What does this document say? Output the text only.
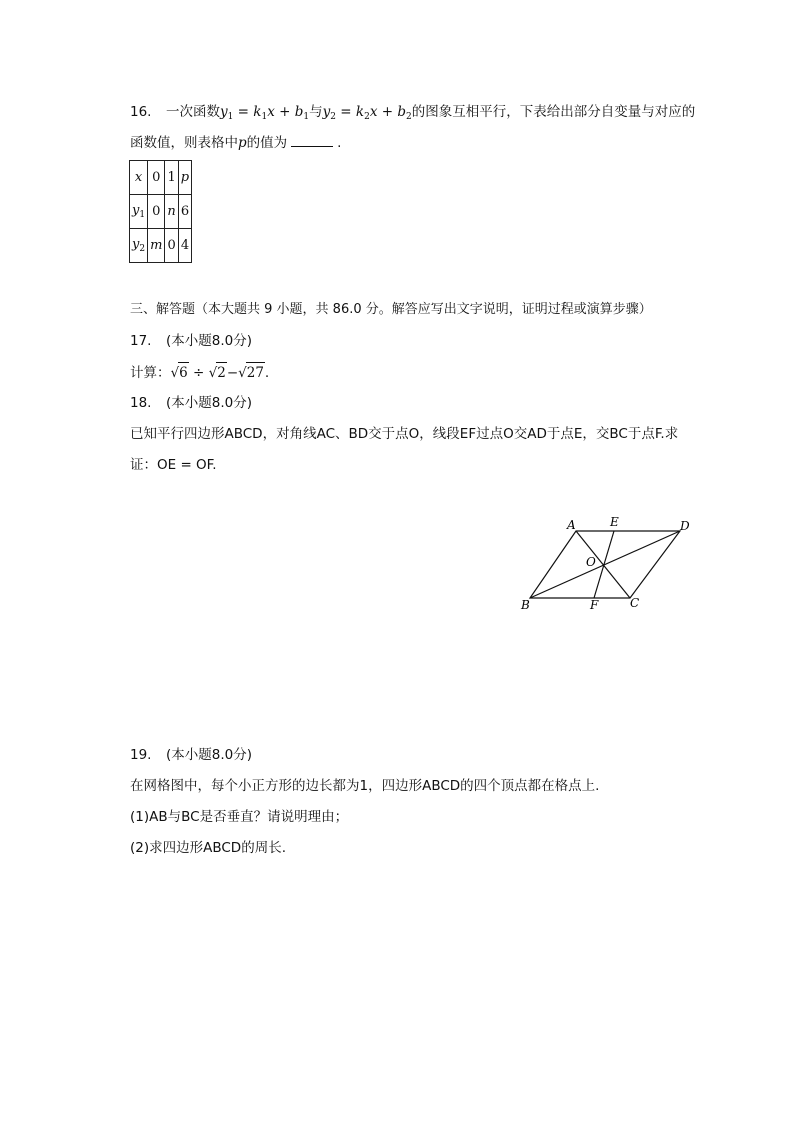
16. 一次函数$y_1 = k_1x + b_1$与$y_2 = k_2x + b_2$的图象互相平行，下表给出部分自变量与对应的
函数值，则表格中p的值为	.
x	0	1	p
$y_1$	0	n	6
$y_2$	m	0	4
三、解答题（本大题共 9 小题，共 86.0 分。解答应写出文字说明，证明过程或演算步骤）
17. (本小题8.0分)
计算：√6 ÷ √2−√27.
18. (本小题8.0分)
已知平行四边形ABCD，对角线AC、BD交于点O，线段EF过点O交AD于点E，交BC于点F.求
证：OE = OF.
A	E	D
O
B	F	C
19. (本小题8.0分)
在网格图中，每个小正方形的边长都为1，四边形ABCD的四个顶点都在格点上.
(1)AB与BC是否垂直？请说明理由；
(2)求四边形ABCD的周长.
